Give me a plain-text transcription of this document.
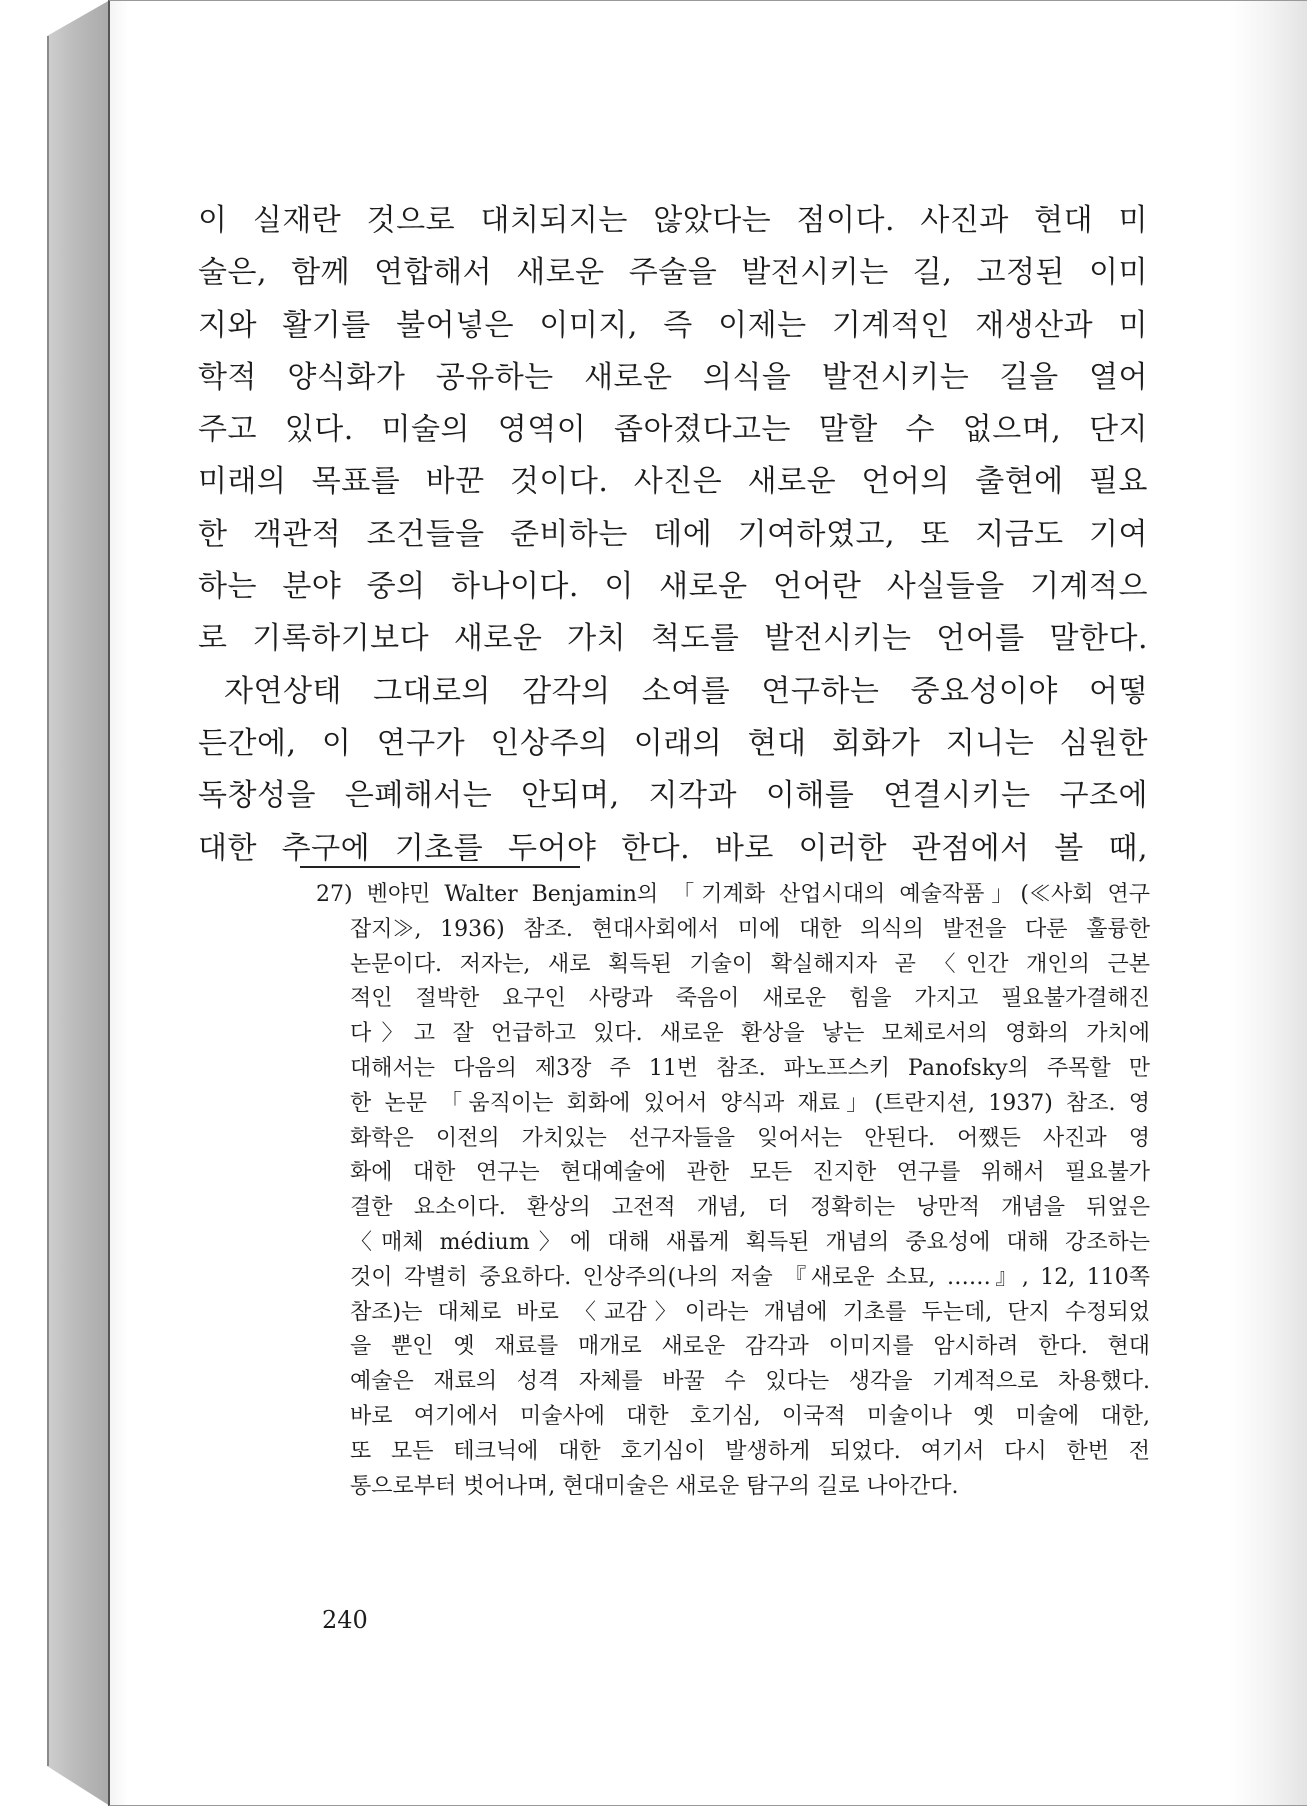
이 실재란 것으로 대치되지는 않았다는 점이다. 사진과 현대 미
술은, 함께 연합해서 새로운 주술을 발전시키는 길, 고정된 이미
지와 활기를 불어넣은 이미지, 즉 이제는 기계적인 재생산과 미
학적 양식화가 공유하는 새로운 의식을 발전시키는 길을 열어
주고 있다. 미술의 영역이 좁아졌다고는 말할 수 없으며, 단지
미래의 목표를 바꾼 것이다. 사진은 새로운 언어의 출현에 필요
한 객관적 조건들을 준비하는 데에 기여하였고, 또 지금도 기여
하는 분야 중의 하나이다. 이 새로운 언어란 사실들을 기계적으
로 기록하기보다 새로운 가치 척도를 발전시키는 언어를 말한다.
자연상태 그대로의 감각의 소여를 연구하는 중요성이야 어떻
든간에, 이 연구가 인상주의 이래의 현대 회화가 지니는 심원한
독창성을 은폐해서는 안되며, 지각과 이해를 연결시키는 구조에
대한 추구에 기초를 두어야 한다. 바로 이러한 관점에서 볼 때,
27) 벤야민 Walter Benjamin의 「기계화 산업시대의 예술작품」(≪사회 연구
잡지≫, 1936) 참조. 현대사회에서 미에 대한 의식의 발전을 다룬 훌륭한
논문이다. 저자는, 새로 획득된 기술이 확실해지자 곧 〈인간 개인의 근본
적인 절박한 요구인 사랑과 죽음이 새로운 힘을 가지고 필요불가결해진
다〉고 잘 언급하고 있다. 새로운 환상을 낳는 모체로서의 영화의 가치에
대해서는 다음의 제3장 주 11번 참조. 파노프스키 Panofsky의 주목할 만
한 논문 「움직이는 회화에 있어서 양식과 재료」(트란지션, 1937) 참조. 영
화학은 이전의 가치있는 선구자들을 잊어서는 안된다. 어쨌든 사진과 영
화에 대한 연구는 현대예술에 관한 모든 진지한 연구를 위해서 필요불가
결한 요소이다. 환상의 고전적 개념, 더 정확히는 낭만적 개념을 뒤엎은
〈매체 médium〉에 대해 새롭게 획득된 개념의 중요성에 대해 강조하는
것이 각별히 중요하다. 인상주의(나의 저술 『새로운 소묘, ……』, 12, 110쪽
참조)는 대체로 바로 〈교감〉이라는 개념에 기초를 두는데, 단지 수정되었
을 뿐인 옛 재료를 매개로 새로운 감각과 이미지를 암시하려 한다. 현대
예술은 재료의 성격 자체를 바꿀 수 있다는 생각을 기계적으로 차용했다.
바로 여기에서 미술사에 대한 호기심, 이국적 미술이나 옛 미술에 대한,
또 모든 테크닉에 대한 호기심이 발생하게 되었다. 여기서 다시 한번 전
통으로부터 벗어나며, 현대미술은 새로운 탐구의 길로 나아간다.
240
